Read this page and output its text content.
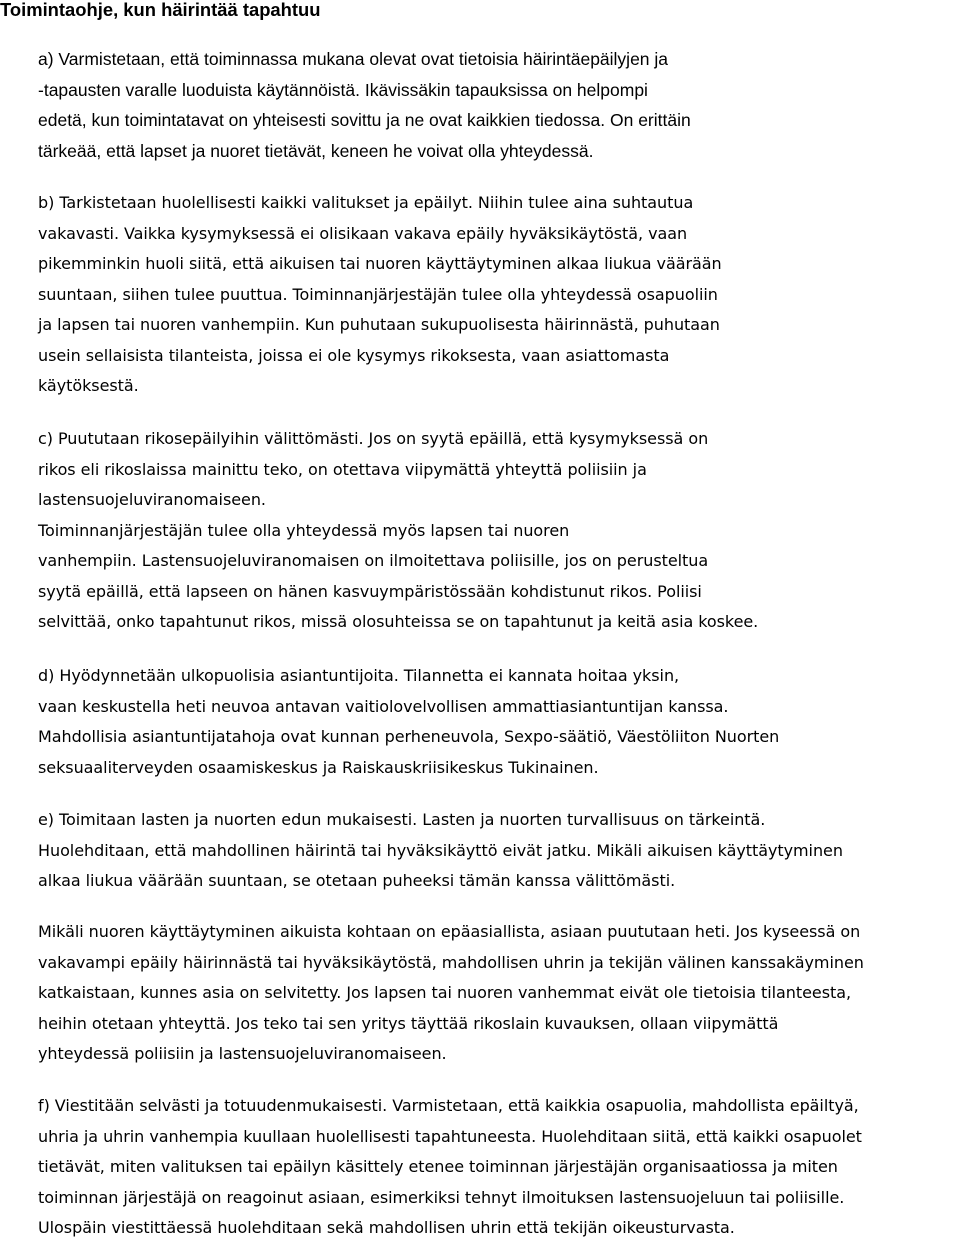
Toimintaohje, kun häirintää tapahtuu
a) Varmistetaan, että toiminnassa mukana olevat ovat tietoisia häirintäepäilyjen ja
-tapausten varalle luoduista käytännöistä. Ikävissäkin tapauksissa on helpompi
edetä, kun toimintatavat on yhteisesti sovittu ja ne ovat kaikkien tiedossa. On erittäin
tärkeää, että lapset ja nuoret tietävät, keneen he voivat olla yhteydessä.
b) Tarkistetaan huolellisesti kaikki valitukset ja epäilyt. Niihin tulee aina suhtautua
vakavasti. Vaikka kysymyksessä ei olisikaan vakava epäily hyväksikäytöstä, vaan
pikemminkin huoli siitä, että aikuisen tai nuoren käyttäytyminen alkaa liukua väärään
suuntaan, siihen tulee puuttua. Toiminnanjärjestäjän tulee olla yhteydessä osapuoliin
ja lapsen tai nuoren vanhempiin. Kun puhutaan sukupuolisesta häirinnästä, puhutaan
usein sellaisista tilanteista, joissa ei ole kysymys rikoksesta, vaan asiattomasta
käytöksestä.
c) Puututaan rikosepäilyihin välittömästi. Jos on syytä epäillä, että kysymyksessä on
rikos eli rikoslaissa mainittu teko, on otettava viipymättä yhteyttä poliisiin ja
lastensuojeluviranomaiseen.
Toiminnanjärjestäjän tulee olla yhteydessä myös lapsen tai nuoren
vanhempiin. Lastensuojeluviranomaisen on ilmoitettava poliisille, jos on perusteltua
syytä epäillä, että lapseen on hänen kasvuympäristössään kohdistunut rikos. Poliisi
selvittää, onko tapahtunut rikos, missä olosuhteissa se on tapahtunut ja keitä asia koskee.
d) Hyödynnetään ulkopuolisia asiantuntijoita. Tilannetta ei kannata hoitaa yksin,
vaan keskustella heti neuvoa antavan vaitiolovelvollisen ammattiasiantuntijan kanssa.
Mahdollisia asiantuntijatahoja ovat kunnan perheneuvola, Sexpo-säätiö, Väestöliiton Nuorten
seksuaaliterveyden osaamiskeskus ja Raiskauskriisikeskus Tukinainen.
e) Toimitaan lasten ja nuorten edun mukaisesti. Lasten ja nuorten turvallisuus on tärkeintä.
Huolehditaan, että mahdollinen häirintä tai hyväksikäyttö eivät jatku. Mikäli aikuisen käyttäytyminen
alkaa liukua väärään suuntaan, se otetaan puheeksi tämän kanssa välittömästi.
Mikäli nuoren käyttäytyminen aikuista kohtaan on epäasiallista, asiaan puututaan heti. Jos kyseessä on
vakavampi epäily häirinnästä tai hyväksikäytöstä, mahdollisen uhrin ja tekijän välinen kanssakäyminen
katkaistaan, kunnes asia on selvitetty. Jos lapsen tai nuoren vanhemmat eivät ole tietoisia tilanteesta,
heihin otetaan yhteyttä. Jos teko tai sen yritys täyttää rikoslain kuvauksen, ollaan viipymättä
yhteydessä poliisiin ja lastensuojeluviranomaiseen.
f) Viestitään selvästi ja totuudenmukaisesti. Varmistetaan, että kaikkia osapuolia, mahdollista epäiltyä,
uhria ja uhrin vanhempia kuullaan huolellisesti tapahtuneesta. Huolehditaan siitä, että kaikki osapuolet
tietävät, miten valituksen tai epäilyn käsittely etenee toiminnan järjestäjän organisaatiossa ja miten
toiminnan järjestäjä on reagoinut asiaan, esimerkiksi tehnyt ilmoituksen lastensuojeluun tai poliisille.
Ulospäin viestittäessä huolehditaan sekä mahdollisen uhrin että tekijän oikeusturvasta.
